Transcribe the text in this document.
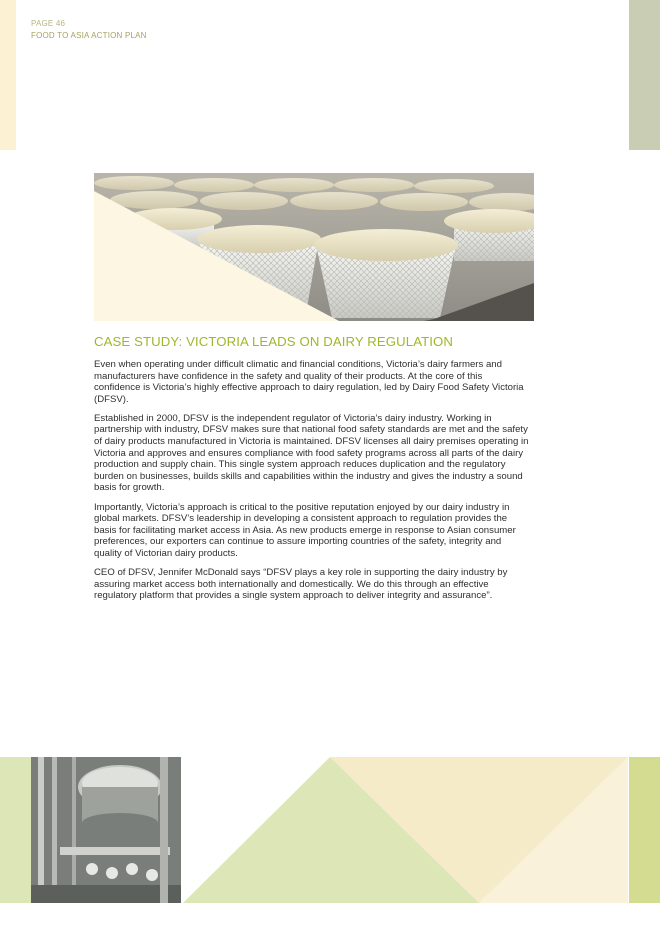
PAGE 46
FOOD TO ASIA ACTION PLAN
CASE STUDY: VICTORIA LEADS ON DAIRY REGULATION

Even when operating under difficult climatic and financial conditions, Victoria’s dairy farmers and manufacturers have confidence in the safety and quality of their products. At the core of this confidence is Victoria’s highly effective approach to dairy regulation, led by Dairy Food Safety Victoria (DFSV).

Established in 2000, DFSV is the independent regulator of Victoria’s dairy industry. Working in partnership with industry, DFSV makes sure that national food safety standards are met and the safety of dairy products manufactured in Victoria is maintained. DFSV licenses all dairy premises operating in Victoria and approves and ensures compliance with food safety programs across all parts of the dairy production and supply chain. This single system approach reduces duplication and the regulatory burden on businesses, builds skills and capabilities within the industry and gives the industry a sound basis for growth.

Importantly, Victoria’s approach is critical to the positive reputation enjoyed by our dairy industry in global markets. DFSV’s leadership in developing a consistent approach to regulation provides the basis for facilitating market access in Asia. As new products emerge in response to Asian consumer preferences, our exporters can continue to assure importing countries of the safety, integrity and quality of Victorian dairy products.

CEO of DFSV, Jennifer McDonald says “DFSV plays a key role in supporting the dairy industry by assuring market access both internationally and domestically. We do this through an effective regulatory platform that provides a single system approach to deliver integrity and assurance”.
